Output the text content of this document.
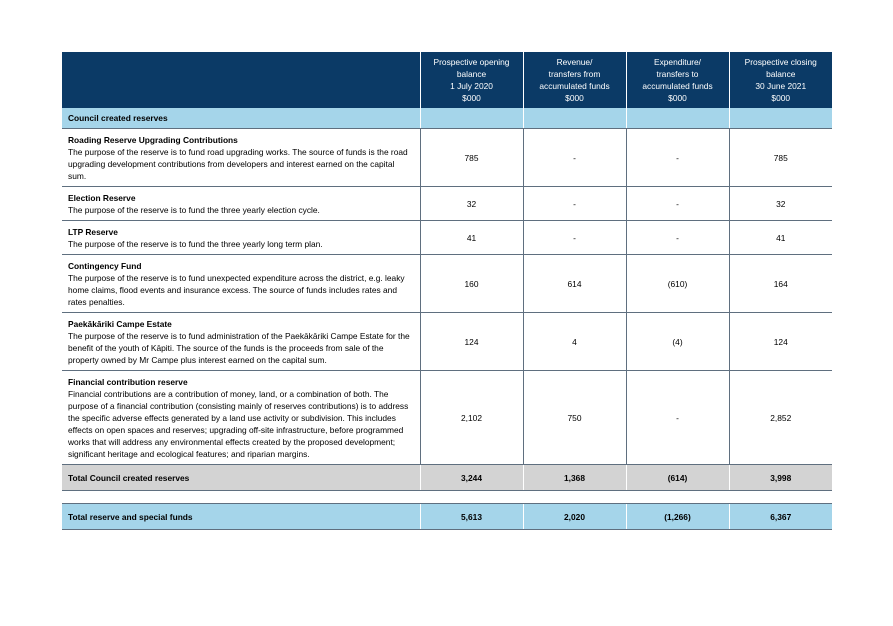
	Prospective opening
balance
1 July 2020
$000	Revenue/
transfers from
accumulated funds
$000	Expenditure/
transfers to
accumulated funds
$000	Prospective closing
balance
30 June 2021
$000

Council created reserves				

Roading Reserve Upgrading Contributions
The purpose of the reserve is to fund road upgrading works. The source of funds is the road upgrading development contributions from developers and interest earned on the capital sum.	785	-	-	785

Election Reserve
The purpose of the reserve is to fund the three yearly election cycle.	32	-	-	32

LTP Reserve
The purpose of the reserve is to fund the three yearly long term plan.	41	-	-	41

Contingency Fund
The purpose of the reserve is to fund unexpected expenditure across the district, e.g. leaky home claims, flood events and insurance excess. The source of funds includes rates and rates penalties.	160	614	(610)	164

Paekākāriki Campe Estate
The purpose of the reserve is to fund administration of the Paekākāriki Campe Estate for the benefit of the youth of Kāpiti. The source of the funds is the proceeds from sale of the property owned by Mr Campe plus interest earned on the capital sum.	124	4	(4)	124

Financial contribution reserve
Financial contributions are a contribution of money, land, or a combination of both. The purpose of a financial contribution (consisting mainly of reserves contributions) is to address the specific adverse effects generated by a land use activity or subdivision. This includes effects on open spaces and reserves; upgrading off-site infrastructure, before programmed works that will address any environmental effects created by the proposed development; significant heritage and ecological features; and riparian margins.	2,102	750	-	2,852
Total Council created reserves	3,244	1,368	(614)	3,998

Total reserve and special funds	5,613	2,020	(1,266)	6,367
